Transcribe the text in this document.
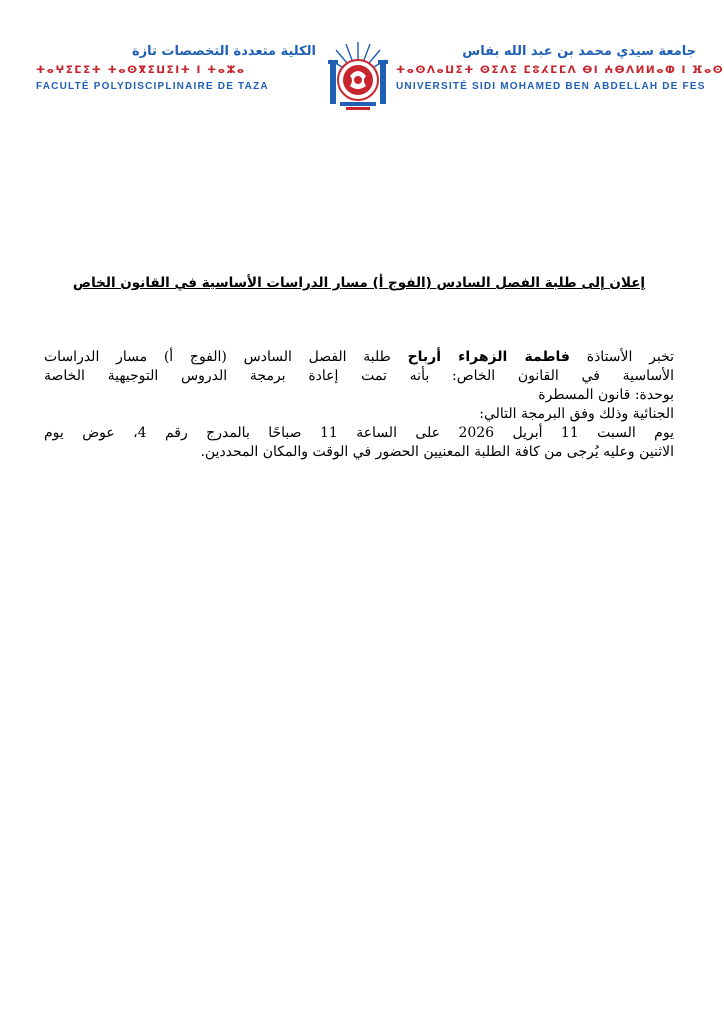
الكلية متعددة التخصصات تازة
ⵜⴰⵖⵉⵎⵉⵜ ⵜⴰⵙⴳⵉⵡⵉⵏⵜ ⵏ ⵜⴰⵣⴰ
FACULTÉ POLYDISCIPLINAIRE DE TAZA
جامعة سيدي محمد بن عبد الله بفاس
ⵜⴰⵙⴷⴰⵡⵉⵜ ⵙⵉⴷⵉ ⵎⵓⵃⵎⵎⴷ ⴱⵏ ⵄⴱⴷⵍⵍⴰⵀ ⵏ ⴼⴰⵙ
UNIVERSITÉ SIDI MOHAMED BEN ABDELLAH DE FES
إعلان إلى طلبة الفصل السادس (الفوج أ) مسار الدراسات الأساسية في القانون الخاص
تخبر الأستاذة فاطمة الزهراء أرباح طلبة الفصل السادس (الفوج أ) مسار الدراسات
الأساسية في القانون الخاص: بأنه تمت إعادة برمجة الدروس التوجيهية الخاصة
بوحدة: قانون المسطرة
الجنائية وذلك وفق البرمجة التالي:
يوم السبت 11 أبريل 2026 على الساعة 11 صباحًا بالمدرج رقم 4، عوض يوم
الاثنين وعليه يُرجى من كافة الطلبة المعنيين الحضور في الوقت والمكان المحددين.
